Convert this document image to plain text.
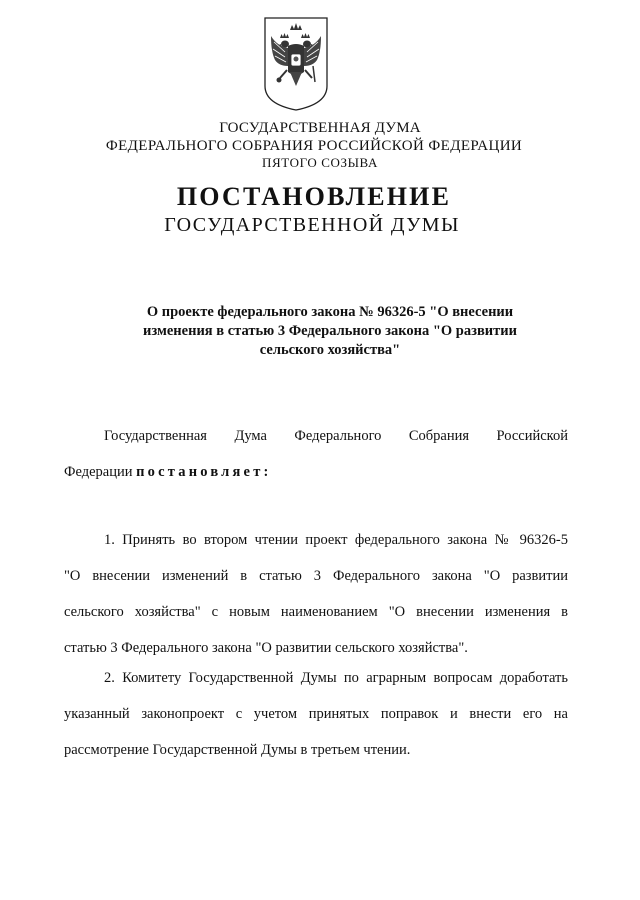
ГОСУДАРСТВЕННАЯ ДУМА
ФЕДЕРАЛЬНОГО СОБРАНИЯ РОССИЙСКОЙ ФЕДЕРАЦИИ
ПЯТОГО СОЗЫВА
ПОСТАНОВЛЕНИЕ
ГОСУДАРСТВЕННОЙ ДУМЫ
О проекте федерального закона № 96326-5 "О внесении
изменения в статью 3 Федерального закона "О развитии
сельского хозяйства"
Государственная Дума Федерального Собрания Российской
Федерации постановляет:
1. Принять во втором чтении проект федерального закона № 96326-5
"О внесении изменений в статью 3 Федерального закона "О развитии
сельского хозяйства" с новым наименованием "О внесении изменения в
статью 3 Федерального закона "О развитии сельского хозяйства".
2. Комитету Государственной Думы по аграрным вопросам доработать
указанный законопроект с учетом принятых поправок и внести его на
рассмотрение Государственной Думы в третьем чтении.
